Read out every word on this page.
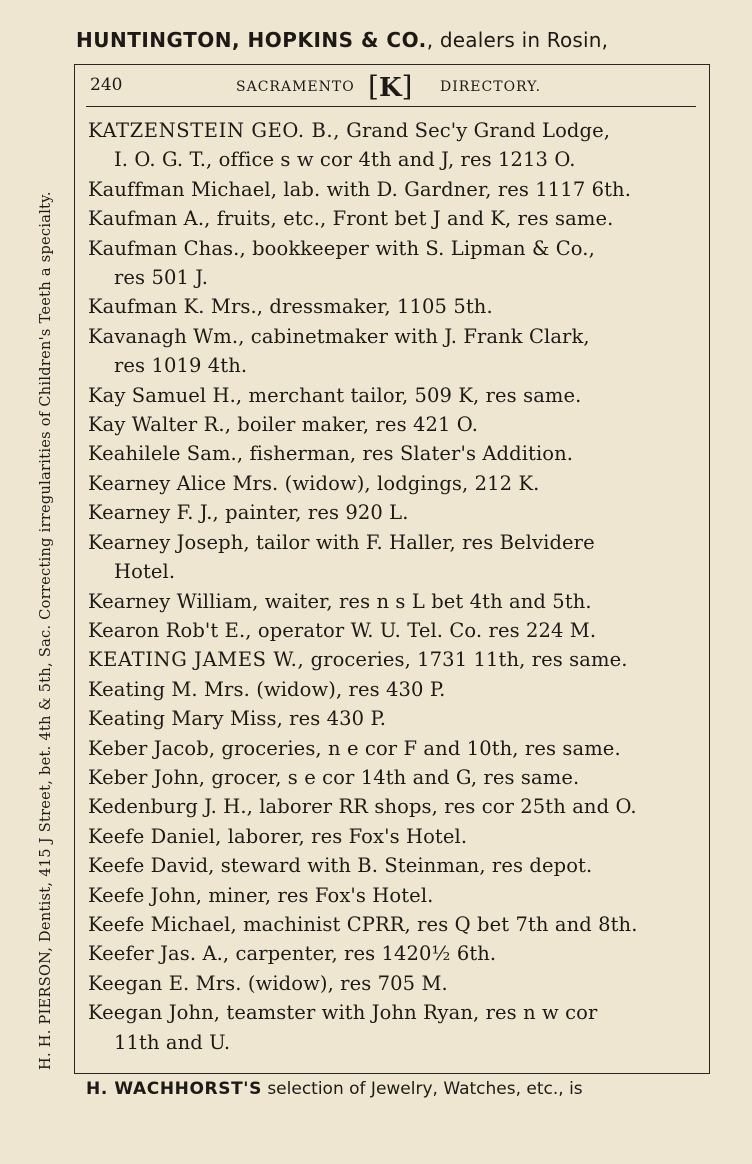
HUNTINGTON, HOPKINS & CO., dealers in Rosin,
H. H. PIERSON, Dentist, 415 J Street, bet. 4th & 5th, Sac. Correcting irregularities of Children's Teeth a specialty.
240	SACRAMENTO [K] DIRECTORY.
KATZENSTEIN GEO. B., Grand Sec'y Grand Lodge,
I. O. G. T., office s w cor 4th and J, res 1213 O.
Kauffman Michael, lab. with D. Gardner, res 1117 6th.
Kaufman A., fruits, etc., Front bet J and K, res same.
Kaufman Chas., bookkeeper with S. Lipman & Co.,
res 501 J.
Kaufman K. Mrs., dressmaker, 1105 5th.
Kavanagh Wm., cabinetmaker with J. Frank Clark,
res 1019 4th.
Kay Samuel H., merchant tailor, 509 K, res same.
Kay Walter R., boiler maker, res 421 O.
Keahilele Sam., fisherman, res Slater's Addition.
Kearney Alice Mrs. (widow), lodgings, 212 K.
Kearney F. J., painter, res 920 L.
Kearney Joseph, tailor with F. Haller, res Belvidere
Hotel.
Kearney William, waiter, res n s L bet 4th and 5th.
Kearon Rob't E., operator W. U. Tel. Co. res 224 M.
KEATING JAMES W., groceries, 1731 11th, res same.
Keating M. Mrs. (widow), res 430 P.
Keating Mary Miss, res 430 P.
Keber Jacob, groceries, n e cor F and 10th, res same.
Keber John, grocer, s e cor 14th and G, res same.
Kedenburg J. H., laborer RR shops, res cor 25th and O.
Keefe Daniel, laborer, res Fox's Hotel.
Keefe David, steward with B. Steinman, res depot.
Keefe John, miner, res Fox's Hotel.
Keefe Michael, machinist CPRR, res Q bet 7th and 8th.
Keefer Jas. A., carpenter, res 1420½ 6th.
Keegan E. Mrs. (widow), res 705 M.
Keegan John, teamster with John Ryan, res n w cor
11th and U.
H. WACHHORST'S selection of Jewelry, Watches, etc., is
